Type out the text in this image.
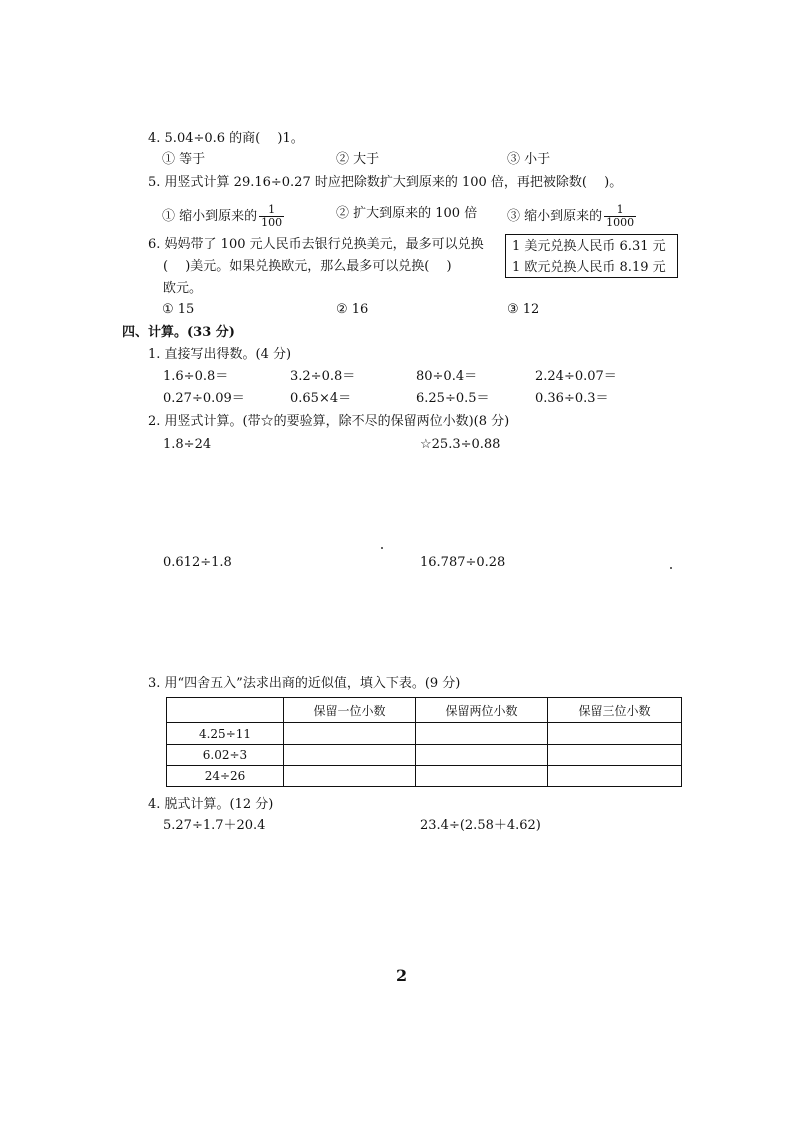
4. 5.04÷0.6 的商(　 )1。
① 等于	② 大于	③ 小于
5. 用竖式计算 29.16÷0.27 时应把除数扩大到原来的 100 倍，再把被除数(　 )。
① 缩小到原来的 $\frac{1}{100}$	② 扩大到原来的 100 倍 ③ 缩小到原来的 $\frac{1}{1000}$
6. 妈妈带了 100 元人民币去银行兑换美元，最多可以兑换
(　 )美元。如果兑换欧元，那么最多可以兑换(　 )
欧元。
1 美元兑换人民币 6.31 元
1 欧元兑换人民币 8.19 元
① 15	② 16	③ 12
四、计算。(33 分)
1. 直接写出得数。(4 分)
1.6÷0.8＝	3.2÷0.8＝	80÷0.4＝	2.24÷0.07＝
0.27÷0.09＝	0.65×4＝	6.25÷0.5＝	0.36÷0.3＝
2. 用竖式计算。(带☆的要验算，除不尽的保留两位小数)(8 分)
1.8÷24	☆25.3÷0.88
0.612÷1.8	16.787÷0.28
3. 用“四舍五入”法求出商的近似值，填入下表。(9 分)
	保留一位小数	保留两位小数	保留三位小数
4.25÷11			
6.02÷3			
24÷26			
4. 脱式计算。(12 分)
5.27÷1.7＋20.4	23.4÷(2.58＋4.62)
2
